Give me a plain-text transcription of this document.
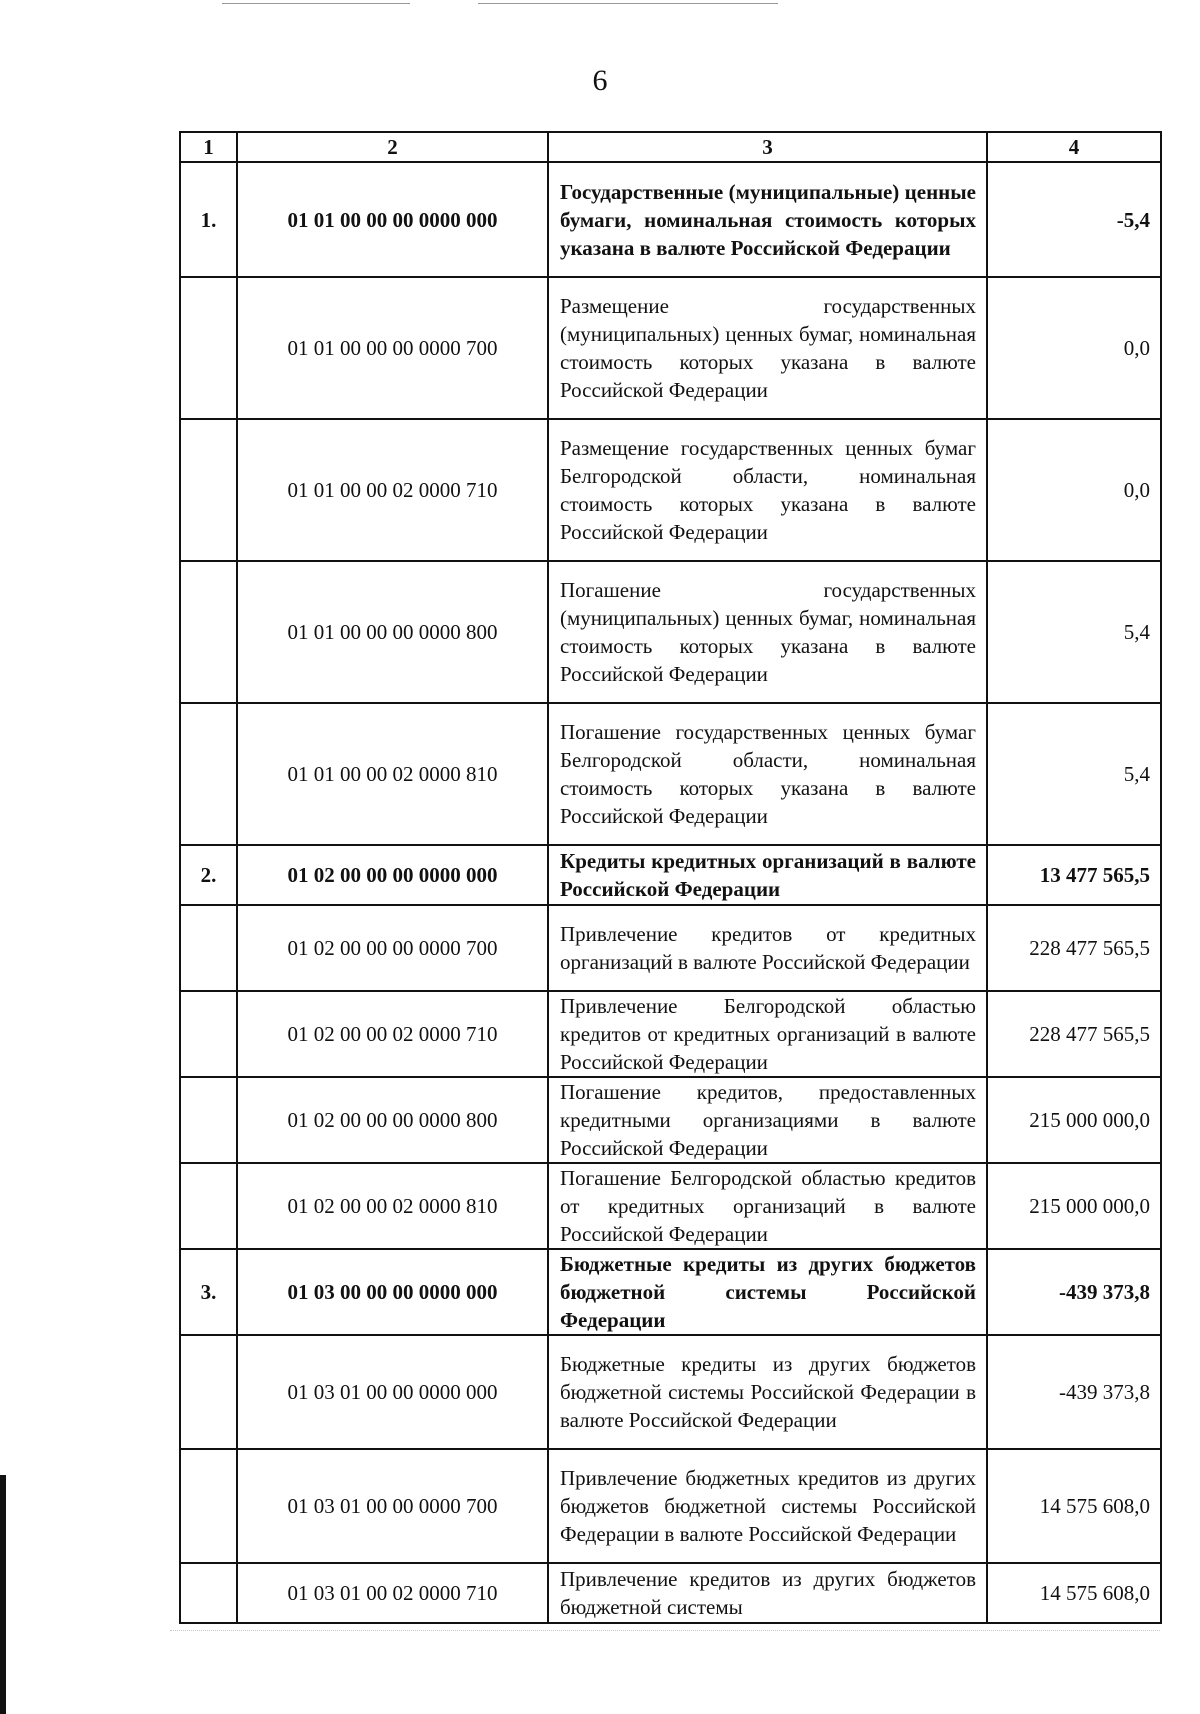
6
1	2	3	4
1.	01 01 00 00 00 0000 000	Государственные (муниципальные) ценные бумаги, номинальная стоимость которых указана в валюте Российской Федерации	-5,4
	01 01 00 00 00 0000 700	Размещение государственных (муниципальных) ценных бумаг, номинальная стоимость которых указана в валюте Российской Федерации	0,0
	01 01 00 00 02 0000 710	Размещение государственных ценных бумаг Белгородской области, номинальная стоимость которых указана в валюте Российской Федерации	0,0
	01 01 00 00 00 0000 800	Погашение государственных (муниципальных) ценных бумаг, номинальная стоимость которых указана в валюте Российской Федерации	5,4
	01 01 00 00 02 0000 810	Погашение государственных ценных бумаг Белгородской области, номинальная стоимость которых указана в валюте Российской Федерации	5,4
2.	01 02 00 00 00 0000 000	Кредиты кредитных организаций в валюте Российской Федерации	13 477 565,5
	01 02 00 00 00 0000 700	Привлечение кредитов от кредитных организаций в валюте Российской Федерации	228 477 565,5
	01 02 00 00 02 0000 710	Привлечение Белгородской областью кредитов от кредитных организаций в валюте Российской Федерации	228 477 565,5
	01 02 00 00 00 0000 800	Погашение кредитов, предоставленных кредитными организациями в валюте Российской Федерации	215 000 000,0
	01 02 00 00 02 0000 810	Погашение Белгородской областью кредитов от кредитных организаций в валюте Российской Федерации	215 000 000,0
3.	01 03 00 00 00 0000 000	Бюджетные кредиты из других бюджетов бюджетной системы Российской Федерации	-439 373,8
	01 03 01 00 00 0000 000	Бюджетные кредиты из других бюджетов бюджетной системы Российской Федерации в валюте Российской Федерации	-439 373,8
	01 03 01 00 00 0000 700	Привлечение бюджетных кредитов из других бюджетов бюджетной системы Российской Федерации в валюте Российской Федерации	14 575 608,0
	01 03 01 00 02 0000 710	Привлечение кредитов из других бюджетов бюджетной системы	14 575 608,0
